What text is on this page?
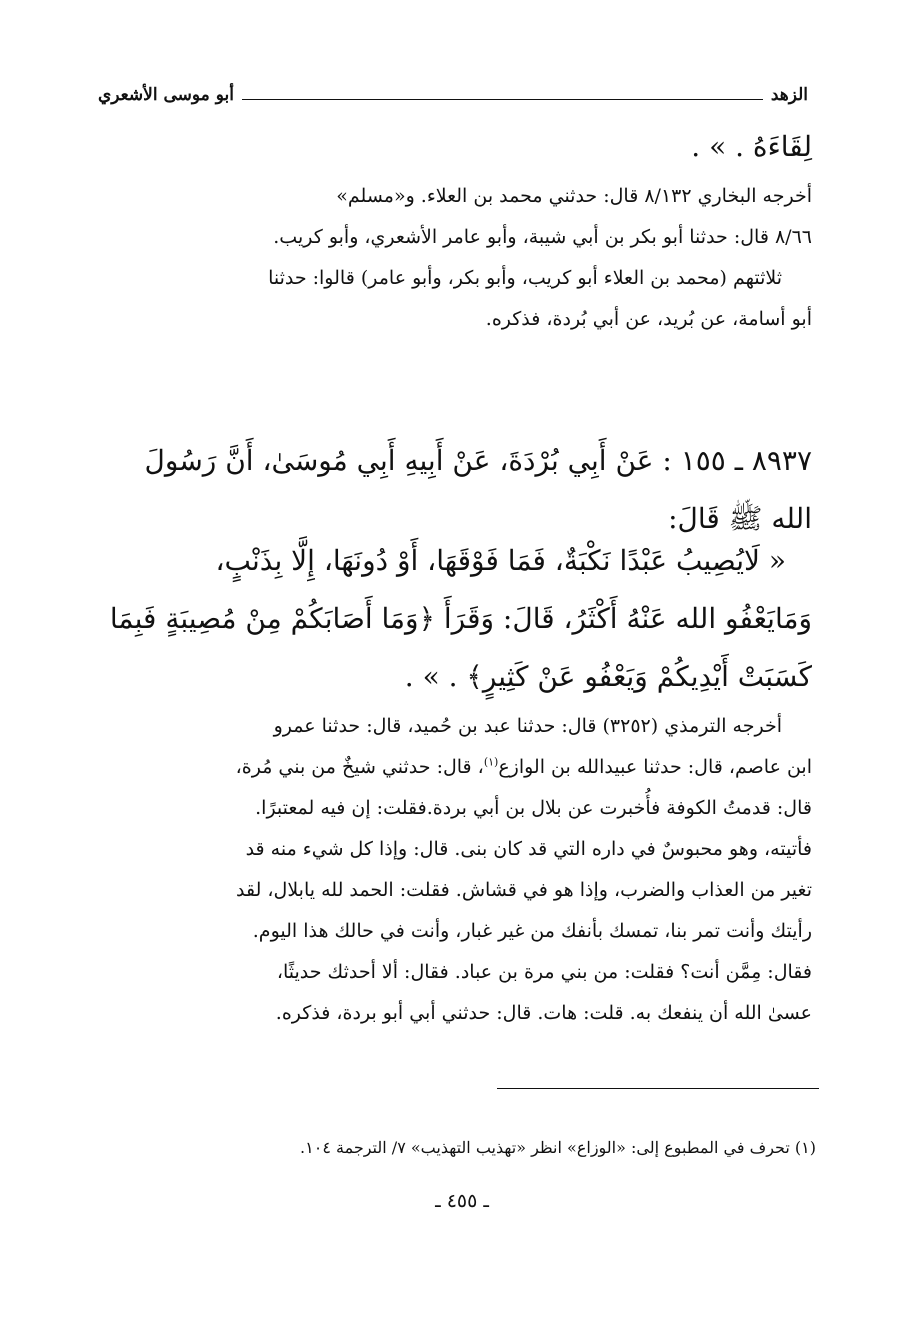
الزهد
أبو موسى الأشعري
لِقَاءَهُ . » .
أخرجه البخاري ٨/١٣٢ قال: حدثني محمد بن العلاء. و«مسلم»
٨/٦٦ قال: حدثنا أبو بكر بن أبي شيبة، وأبو عامر الأشعري، وأبو كريب.
ثلاثتهم (محمد بن العلاء أبو كريب، وأبو بكر، وأبو عامر) قالوا: حدثنا
أبو أسامة، عن بُريد، عن أبي بُردة، فذكره.
٨٩٣٧ ـ ١٥٥ : عَنْ أَبِي بُرْدَةَ، عَنْ أَبِيهِ أَبِي مُوسَىٰ، أَنَّ رَسُولَ
الله ﷺ قَالَ:
« لَايُصِيبُ عَبْدًا نَكْبَةٌ، فَمَا فَوْقَهَا، أَوْ دُونَهَا، إِلَّا بِذَنْبٍ،
وَمَايَعْفُو الله عَنْهُ أَكْثَرُ، قَالَ: وَقَرَأَ ﴿وَمَا أَصَابَكُمْ مِنْ مُصِيبَةٍ فَبِمَا
كَسَبَتْ أَيْدِيكُمْ وَيَعْفُو عَنْ كَثِيرٍ﴾ . » .
أخرجه الترمذي (٣٢٥٢) قال: حدثنا عبد بن حُميد، قال: حدثنا عمرو
ابن عاصم، قال: حدثنا عبيدالله بن الوازع$^{(١)}$، قال: حدثني شيخٌ من بني مُرة،
قال: قدمتُ الكوفة فأُخبرت عن بلال بن أبي بردة.فقلت: إن فيه لمعتبرًا.
فأتيته، وهو محبوسٌ في داره التي قد كان بنى. قال: وإذا كل شيء منه قد
تغير من العذاب والضرب، وإذا هو في قشاش. فقلت: الحمد لله يابلال، لقد
رأيتك وأنت تمر بنا، تمسك بأنفك من غير غبار، وأنت في حالك هذا اليوم.
فقال: مِمَّن أنت؟ فقلت: من بني مرة بن عباد. فقال: ألا أحدثك حديثًا،
عسىٰ الله أن ينفعك به. قلت: هات. قال: حدثني أبي أبو بردة، فذكره.
(١) تحرف في المطبوع إلى: «الوزاع» انظر «تهذيب التهذيب» ٧/ الترجمة ١٠٤.
ـ ٤٥٥ ـ
